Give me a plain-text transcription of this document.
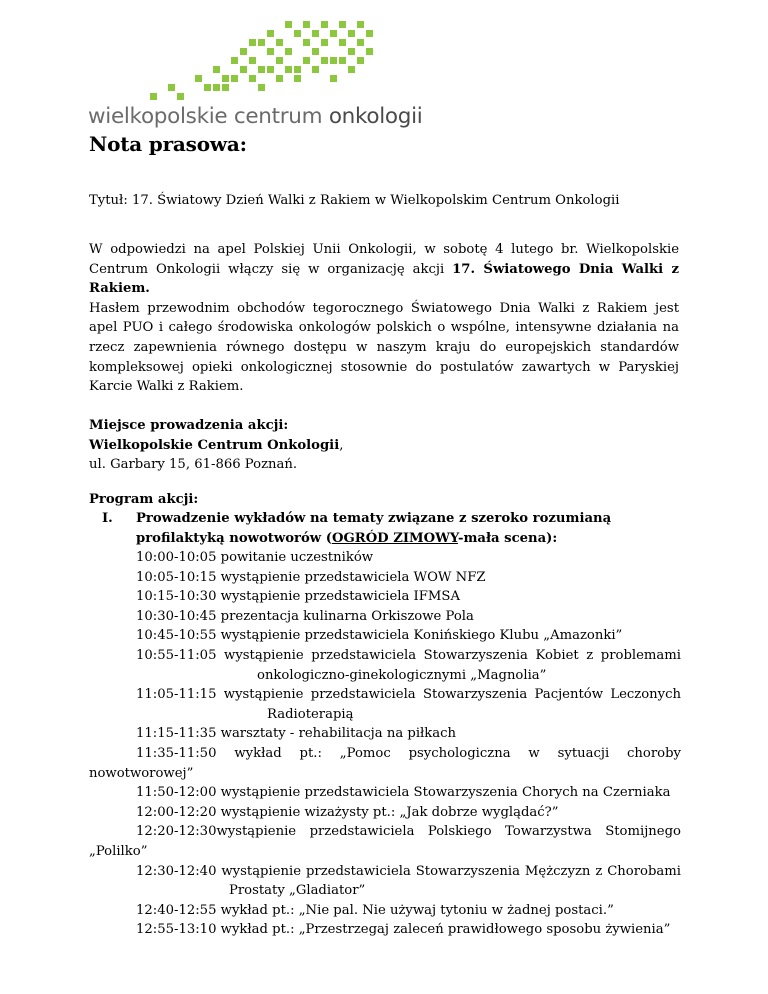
wielkopolskie centrum onkologii
Nota prasowa:

Tytuł: 17. Światowy Dzień Walki z Rakiem w Wielkopolskim Centrum Onkologii

W odpowiedzi na apel Polskiej Unii Onkologii, w sobotę 4 lutego br. Wielkopolskie Centrum Onkologii włączy się w organizację akcji 17. Światowego Dnia Walki z Rakiem.
Hasłem przewodnim obchodów tegorocznego Światowego Dnia Walki z Rakiem jest apel PUO i całego środowiska onkologów polskich o wspólne, intensywne działania na rzecz zapewnienia równego dostępu w naszym kraju do europejskich standardów kompleksowej opieki onkologicznej stosownie do postulatów zawartych w Paryskiej Karcie Walki z Rakiem.

Miejsce prowadzenia akcji:
Wielkopolskie Centrum Onkologii,
ul. Garbary 15, 61-866 Poznań.
Program akcji:
I. Prowadzenie wykładów na tematy związane z szeroko rozumianą profilaktyką nowotworów (OGRÓD ZIMOWY-mała scena):
10:00-10:05 powitanie uczestników
10:05-10:15 wystąpienie przedstawiciela WOW NFZ
10:15-10:30 wystąpienie przedstawiciela IFMSA
10:30-10:45 prezentacja kulinarna Orkiszowe Pola
10:45-10:55 wystąpienie przedstawiciela Konińskiego Klubu „Amazonki”
10:55-11:05 wystąpienie przedstawiciela Stowarzyszenia Kobiet z problemami
onkologiczno-ginekologicznymi „Magnolia”
11:05-11:15 wystąpienie przedstawiciela Stowarzyszenia Pacjentów Leczonych
Radioterapią
11:15-11:35 warsztaty - rehabilitacja na piłkach
11:35-11:50 wykład pt.: „Pomoc psychologiczna w sytuacji choroby
nowotworowej”
11:50-12:00 wystąpienie przedstawiciela Stowarzyszenia Chorych na Czerniaka
12:00-12:20 wystąpienie wizażysty pt.: „Jak dobrze wyglądać?”
12:20-12:30wystąpienie przedstawiciela Polskiego Towarzystwa Stomijnego
„Polilko”
12:30-12:40 wystąpienie przedstawiciela Stowarzyszenia Mężczyzn z Chorobami
Prostaty „Gladiator”
12:40-12:55 wykład pt.: „Nie pal. Nie używaj tytoniu w żadnej postaci.”
12:55-13:10 wykład pt.: „Przestrzegaj zaleceń prawidłowego sposobu żywienia”
